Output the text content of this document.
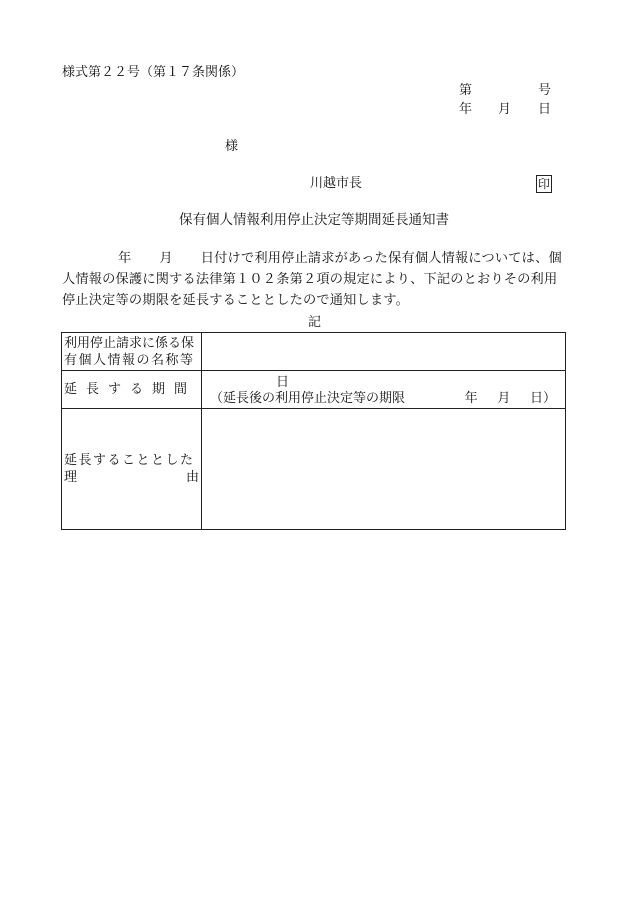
様式第２２号（第１７条関係）
第	号
年 月 日
様
川越市長	印
保有個人情報利用停止決定等期間延長通知書
年 月 日付けで利用停止請求があった保有個人情報については、個人情報の保護に関する法律第１０２条第２項の規定により、下記のとおりその利用停止決定等の期限を延長することとしたので通知します。
記
利用停止請求に係る保
有個人情報の名称等	

延長する期間	日
（延長後の利用停止決定等の期限 年 月 日）

延長することとした
理 由	
